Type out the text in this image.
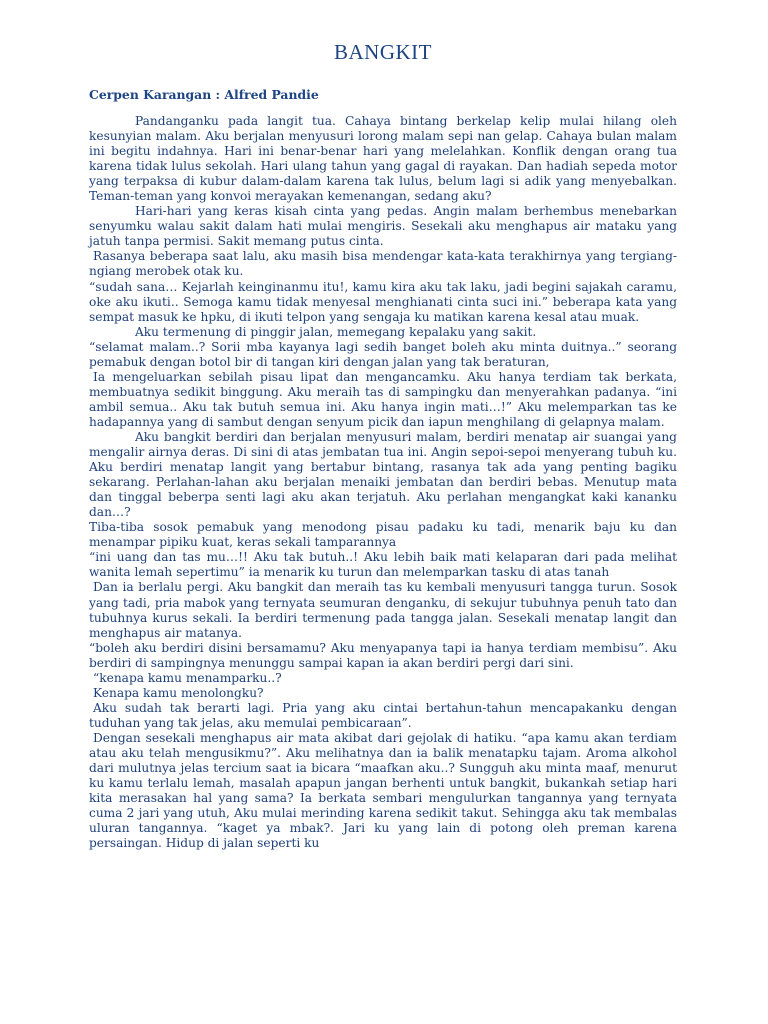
BANGKIT
Cerpen Karangan : Alfred Pandie

Pandanganku pada langit tua. Cahaya bintang berkelap kelip mulai hilang oleh kesunyian malam. Aku berjalan menyusuri lorong malam sepi nan gelap. Cahaya bulan malam ini begitu indahnya. Hari ini benar-benar hari yang melelahkan. Konflik dengan orang tua karena tidak lulus sekolah. Hari ulang tahun yang gagal di rayakan. Dan hadiah sepeda motor yang terpaksa di kubur dalam-dalam karena tak lulus, belum lagi si adik yang menyebalkan. Teman-teman yang konvoi merayakan kemenangan, sedang aku?

Hari-hari yang keras kisah cinta yang pedas. Angin malam berhembus menebarkan senyumku walau sakit dalam hati mulai mengiris. Sesekali aku menghapus air mataku yang jatuh tanpa permisi. Sakit memang putus cinta.

Rasanya beberapa saat lalu, aku masih bisa mendengar kata-kata terakhirnya yang tergiang-ngiang merobek otak ku.

“sudah sana… Kejarlah keinginanmu itu!, kamu kira aku tak laku, jadi begini sajakah caramu, oke aku ikuti.. Semoga kamu tidak menyesal menghianati cinta suci ini.” beberapa kata yang sempat masuk ke hpku, di ikuti telpon yang sengaja ku matikan karena kesal atau muak.

Aku termenung di pinggir jalan, memegang kepalaku yang sakit.

“selamat malam..? Sorii mba kayanya lagi sedih banget boleh aku minta duitnya..” seorang pemabuk dengan botol bir di tangan kiri dengan jalan yang tak beraturan,

Ia mengeluarkan sebilah pisau lipat dan mengancamku. Aku hanya terdiam tak berkata, membuatnya sedikit binggung. Aku meraih tas di sampingku dan menyerahkan padanya. “ini ambil semua.. Aku tak butuh semua ini. Aku hanya ingin mati…!” Aku melemparkan tas ke hadapannya yang di sambut dengan senyum picik dan iapun menghilang di gelapnya malam.

Aku bangkit berdiri dan berjalan menyusuri malam, berdiri menatap air suangai yang mengalir airnya deras. Di sini di atas jembatan tua ini. Angin sepoi-sepoi menyerang tubuh ku. Aku berdiri menatap langit yang bertabur bintang, rasanya tak ada yang penting bagiku sekarang. Perlahan-lahan aku berjalan menaiki jembatan dan berdiri bebas. Menutup mata dan tinggal beberpa senti lagi aku akan terjatuh. Aku perlahan mengangkat kaki kananku dan…?

Tiba-tiba sosok pemabuk yang menodong pisau padaku ku tadi, menarik baju ku dan menampar pipiku kuat, keras sekali tamparannya

“ini uang dan tas mu…!! Aku tak butuh..! Aku lebih baik mati kelaparan dari pada melihat wanita lemah sepertimu” ia menarik ku turun dan melemparkan tasku di atas tanah

Dan ia berlalu pergi. Aku bangkit dan meraih tas ku kembali menyusuri tangga turun. Sosok yang tadi, pria mabok yang ternyata seumuran denganku, di sekujur tubuhnya penuh tato dan tubuhnya kurus sekali. Ia berdiri termenung pada tangga jalan. Sesekali menatap langit dan menghapus air matanya.

“boleh aku berdiri disini bersamamu? Aku menyapanya tapi ia hanya terdiam membisu”. Aku berdiri di sampingnya menunggu sampai kapan ia akan berdiri pergi dari sini.

“kenapa kamu menamparku..?

Kenapa kamu menolongku?

Aku sudah tak berarti lagi. Pria yang aku cintai bertahun-tahun mencapakanku dengan tuduhan yang tak jelas, aku memulai pembicaraan”.

Dengan sesekali menghapus air mata akibat dari gejolak di hatiku. “apa kamu akan terdiam atau aku telah mengusikmu?”. Aku melihatnya dan ia balik menatapku tajam. Aroma alkohol dari mulutnya jelas tercium saat ia bicara “maafkan aku..? Sungguh aku minta maaf, menurut ku kamu terlalu lemah, masalah apapun jangan berhenti untuk bangkit, bukankah setiap hari kita merasakan hal yang sama? Ia berkata sembari mengulurkan tangannya yang ternyata cuma 2 jari yang utuh, Aku mulai merinding karena sedikit takut. Sehingga aku tak membalas uluran tangannya. “kaget ya mbak?. Jari ku yang lain di potong oleh preman karena persaingan. Hidup di jalan seperti ku
